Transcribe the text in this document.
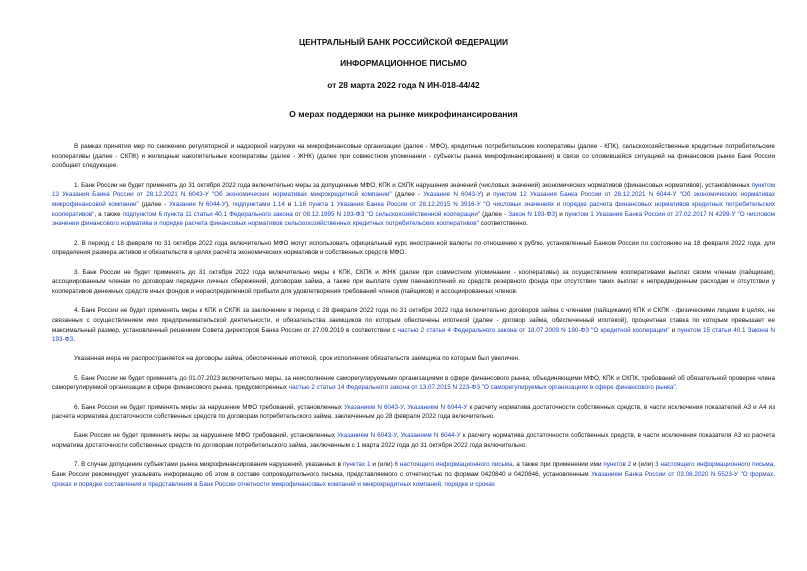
ЦЕНТРАЛЬНЫЙ БАНК РОССИЙСКОЙ ФЕДЕРАЦИИ
ИНФОРМАЦИОННОЕ ПИСЬМО
от 28 марта 2022 года N ИН-018-44/42
О мерах поддержки на рынке микрофинансирования

В рамках принятия мер по снижению регуляторной и надзорной нагрузки на микрофинансовые организации (далее - МФО), кредитные потребительские кооперативы (далее - КПК), сельскохозяйственные кредитные потребительские кооперативы (далее - СКПК) и жилищные накопительные кооперативы (далее - ЖНК) (далее при совместном упоминании - субъекты рынка микрофинансирования) в связи со сложившейся ситуацией на финансовом рынке Банк России сообщает следующее.

1. Банк России не будет применять до 31 октября 2022 года включительно меры за допущенные МФО, КПК и СКПК нарушения значений (числовых значений) экономических нормативов (финансовых нормативов), установленных пунктом 13 Указания Банка России от 28.12.2021 N 6043-У "Об экономических нормативах микрокредитной компании" (далее - Указание N 6043-У) и пунктом 12 Указания Банка России от 28.12.2021 N 6044-У "Об экономических нормативах микрофинансовой компании" (далее - Указание N 6044-У), подпунктами 1.14 и 1.16 пункта 1 Указания Банка России от 28.12.2015 N 3916-У "О числовых значениях и порядке расчета финансовых нормативов кредитных потребительских кооперативов", а также подпунктом 6 пункта 11 статьи 40.1 Федерального закона от 08.12.1995 N 193-ФЗ "О сельскохозяйственной кооперации" (далее - Закон N 193-ФЗ) и пунктом 1 Указания Банка России от 27.02.2017 N 4299-У "О числовом значении финансового норматива и порядке расчета финансовых нормативов сельскохозяйственных кредитных потребительских кооперативов" соответственно.

2. В период с 18 февраля по 31 октября 2022 года включительно МФО могут использовать официальный курс иностранной валюты по отношению к рублю, установленный Банком России по состоянию на 18 февраля 2022 года, для определения размера активов и обязательств в целях расчёта экономических нормативов и собственных средств МФО.

3. Банк России не будет применять до 31 октября 2022 года включительно меры к КПК, СКПК и ЖНК (далее при совместном упоминании - кооперативы) за осуществление кооперативами выплат своим членам (пайщикам), ассоциированным членам по договорам передачи личных сбережений, договорам займа, а также при выплате сумм паенакоплений из средств резервного фонда при отсутствии таких выплат к непредвиденным расходам и отсутствии у кооперативов денежных средств иных фондов и нераспределенной прибыли для удовлетворения требований членов (пайщиков) и ассоциированных членов.

4. Банк России не будет применять меры к КПК и СКПК за заключение в период с 28 февраля 2022 года по 31 октября 2022 года включительно договоров займа с членами (пайщиками) КПК и СКПК - физическими лицами в целях, не связанных с осуществлением ими предпринимательской деятельности, и обязательства заемщиков по которым обеспечены ипотекой (далее - договор займа, обеспеченный ипотекой), процентная ставка по которым превышает ее максимальный размер, установленный решением Совета директоров Банка России от 27.09.2019 в соответствии с частью 2 статьи 4 Федерального закона от 18.07.2009 N 190-ФЗ "О кредитной кооперации" и пунктом 15 статьи 40.1 Закона N 193-ФЗ.

Указанная мера не распространяется на договоры займа, обеспеченные ипотекой, срок исполнения обязательств заемщика по которым был увеличен.

5. Банк России не будет применять до 01.07.2023 включительно меры, за неисполнение саморегулируемыми организациями в сфере финансового рынка, объединяющими МФО, КПК и СКПК, требований об обязательной проверке члена саморегулируемой организации в сфере финансового рынка, предусмотренных частью 2 статьи 14 Федерального закона от 13.07.2015 N 223-ФЗ "О саморегулируемых организациях в сфере финансового рынка".

6. Банк России не будет применять меры за нарушение МФО требований, установленных Указанием N 6043-У, Указанием N 6044-У к расчету норматива достаточности собственных средств, в части исключения показателей А3 и А4 из расчета норматива достаточности собственных средств по договорам потребительского займа, заключенным до 28 февраля 2022 года включительно.

Банк России не будет применять меры за нарушение МФО требований, установленных Указанием N 6043-У, Указанием N 6044-У к расчету норматива достаточности собственных средств, в части исключения показателя А3 из расчета норматива достаточности собственных средств по договорам потребительского займа, заключенным с 1 марта 2022 года до 31 октября 2022 года включительно.

7. В случае допущения субъектами рынка микрофинансирования нарушений, указанных в пунктах 1 и (или) 6 настоящего информационного письма, а также при применении ими пунктов 2 и (или) 3 настоящего информационного письма, Банк России рекомендует указывать информацию об этом в составе сопроводительного письма, представляемого с отчетностью по формам 0420840 и 0420846, установленным Указанием Банка России от 03.08.2020 N 5523-У "О формах, сроках и порядке составления и представления в Банк России отчетности микрофинансовых компаний и микрокредитных компаний, порядке и сроках
